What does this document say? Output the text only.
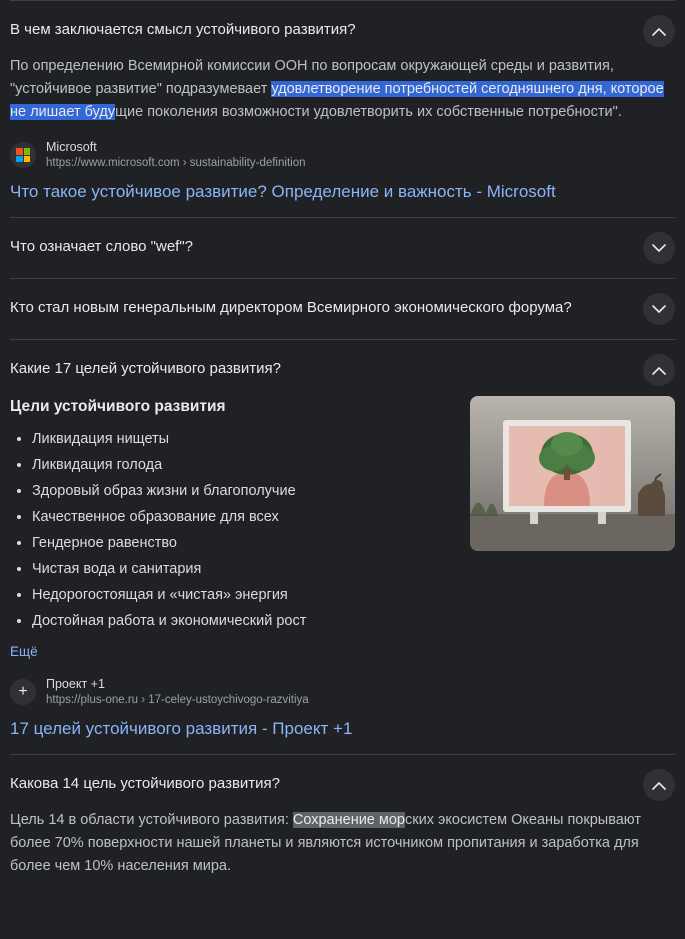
В чем заключается смысл устойчивого развития?
По определению Всемирной комиссии ООН по вопросам окружающей среды и развития, "устойчивое развитие" подразумевает удовлетворение потребностей сегодняшнего дня, которое не лишает будущие поколения возможности удовлетворить их собственные потребности".
Microsoft
https://www.microsoft.com › sustainability-definition
Что такое устойчивое развитие? Определение и важность - Microsoft
Что означает слово "wef"?
Кто стал новым генеральным директором Всемирного экономического форума?
Какие 17 целей устойчивого развития?
Цели устойчивого развития
• Ликвидация нищеты
• Ликвидация голода
• Здоровый образ жизни и благополучие
• Качественное образование для всех
• Гендерное равенство
• Чистая вода и санитария
• Недорогостоящая и «чистая» энергия
• Достойная работа и экономический рост
Ещё
+	Проект +1
https://plus-one.ru › 17-celey-ustoychivogo-razvitiya
17 целей устойчивого развития - Проект +1
Какова 14 цель устойчивого развития?
Цель 14 в области устойчивого развития: Сохранение морских экосистем Океаны покрывают более 70% поверхности нашей планеты и являются источником пропитания и заработка для более чем 10% населения мира.
